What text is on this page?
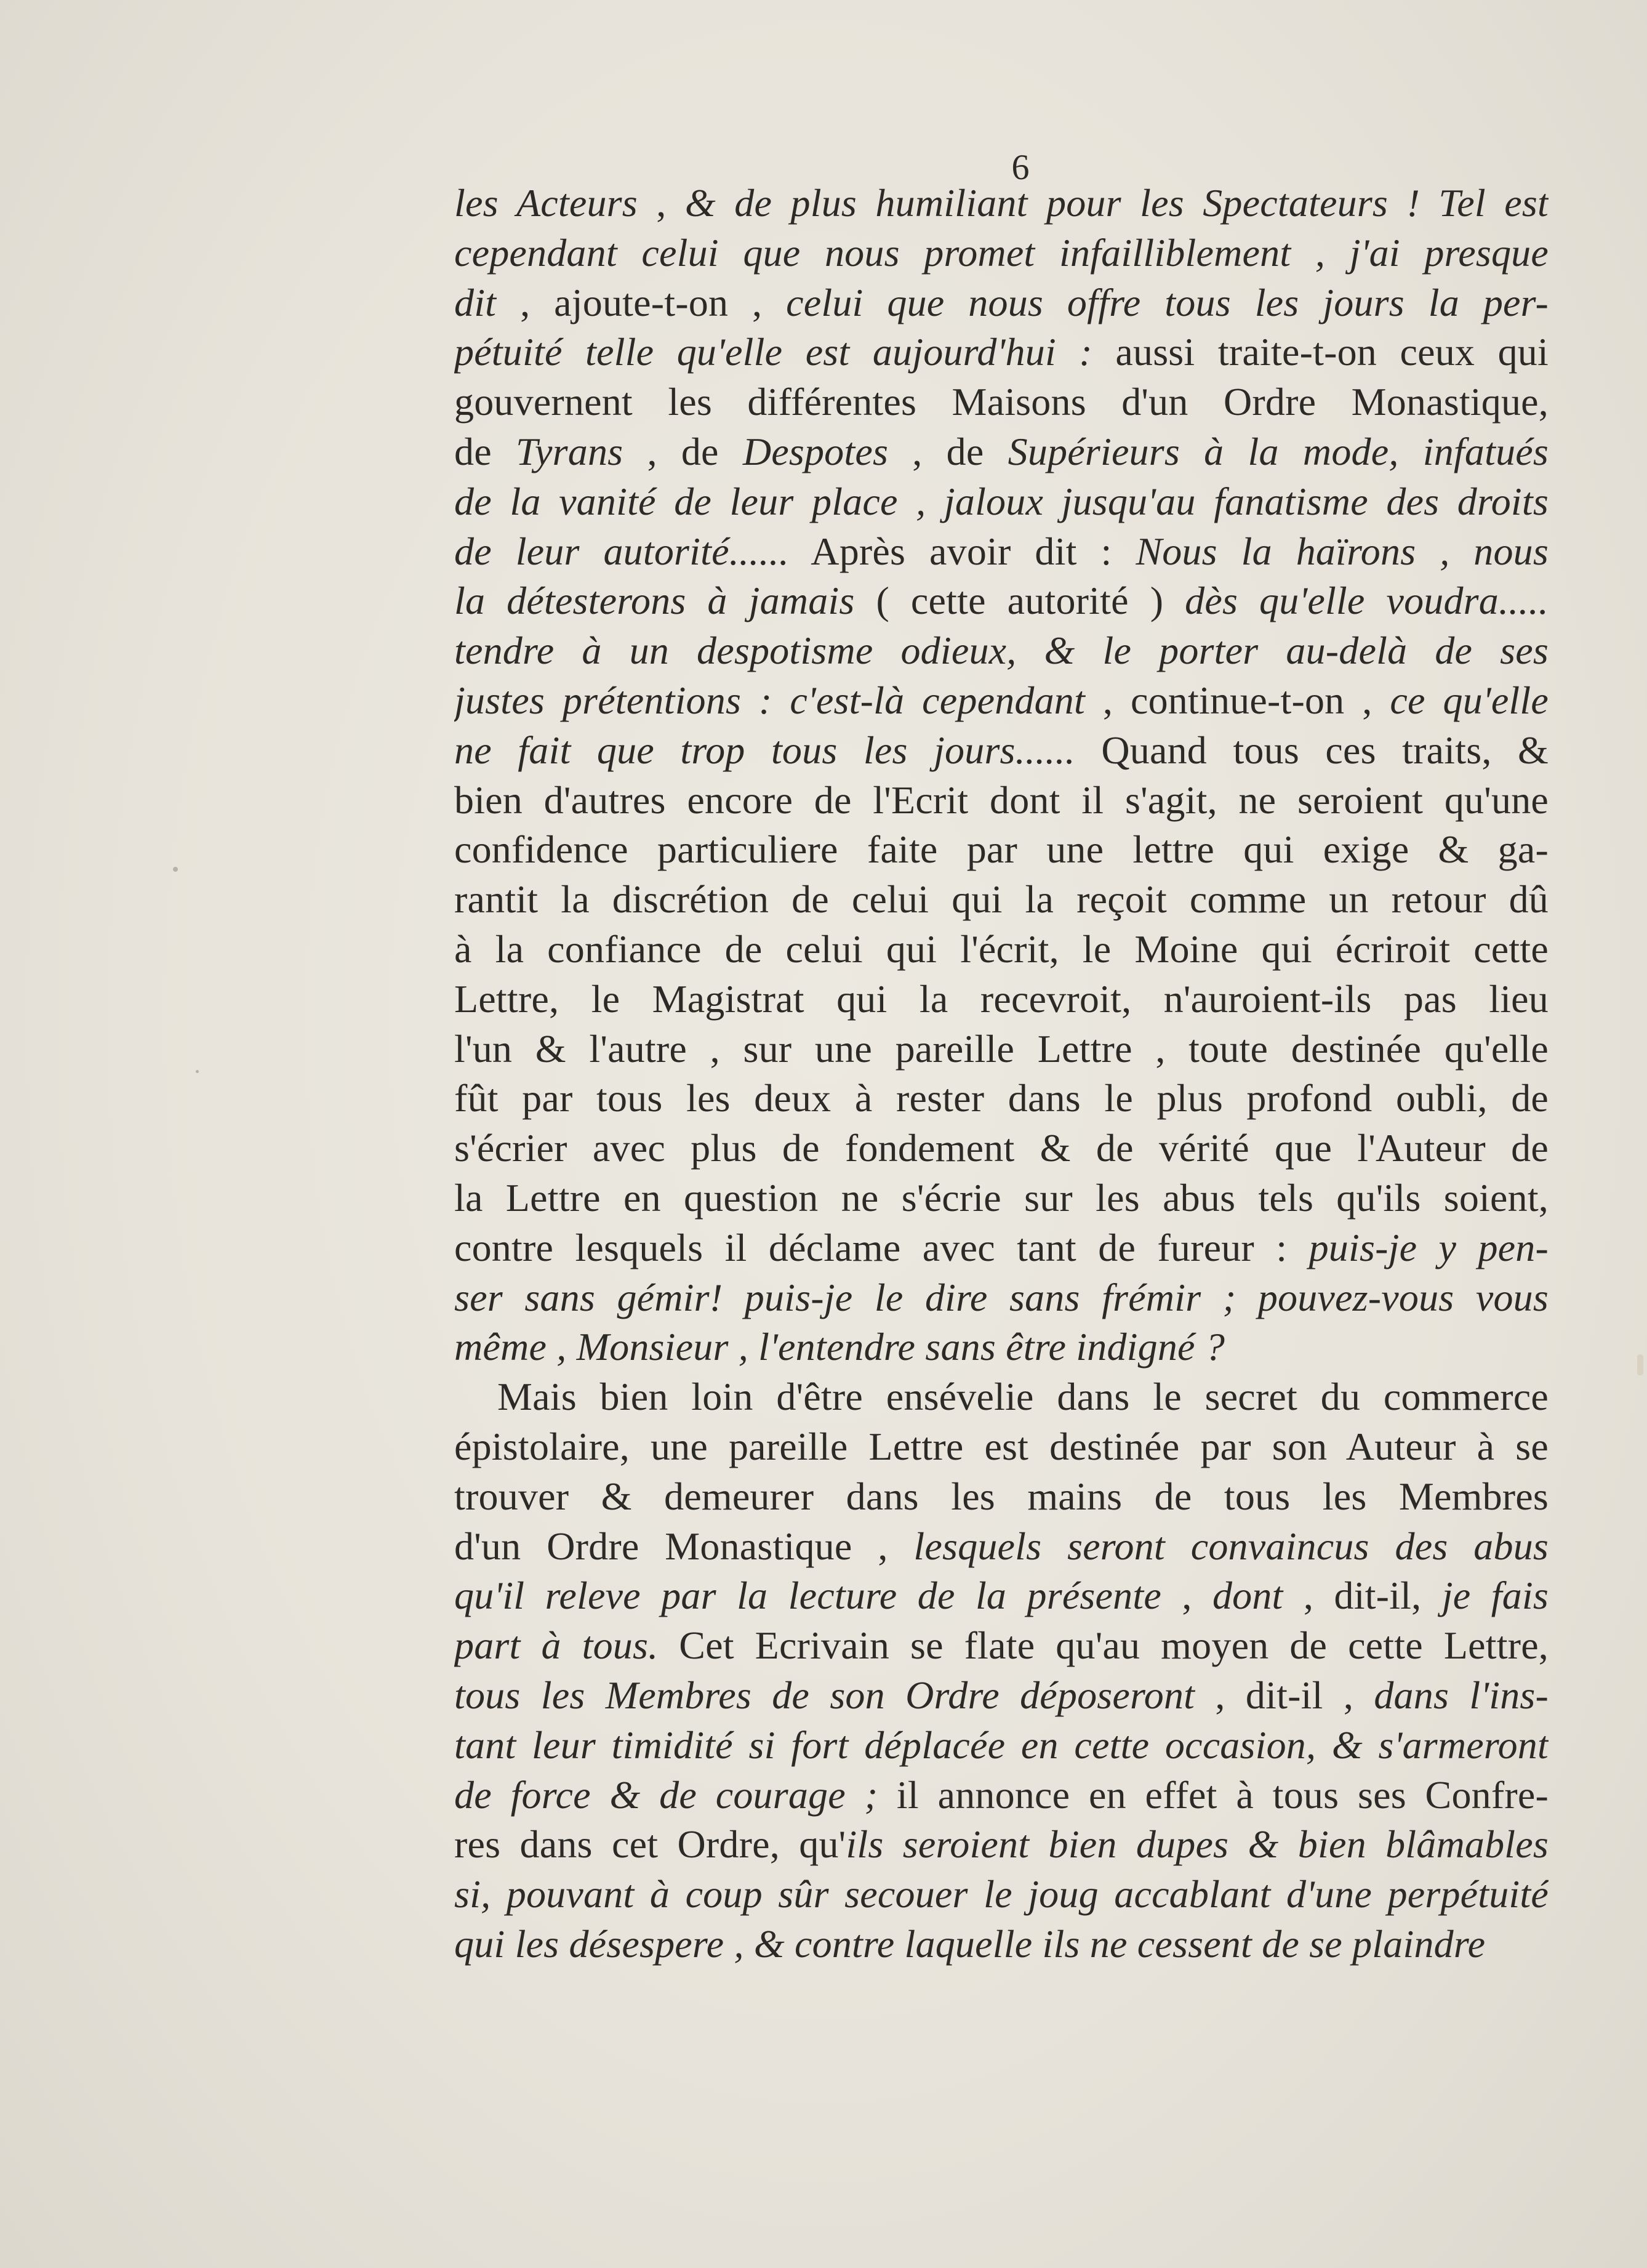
6
les Acteurs , & de plus humiliant pour les Spectateurs ! Tel est
cependant celui que nous promet infailliblement , j'ai presque
dit , ajoute-t-on , celui que nous offre tous les jours la per-
pétuité telle qu'elle est aujourd'hui : aussi traite-t-on ceux qui
gouvernent les différentes Maisons d'un Ordre Monastique,
de Tyrans , de Despotes , de Supérieurs à la mode, infatués
de la vanité de leur place , jaloux jusqu'au fanatisme des droits
de leur autorité...... Après avoir dit : Nous la haïrons , nous
la détesterons à jamais ( cette autorité ) dès qu'elle voudra.....
tendre à un despotisme odieux, & le porter au-delà de ses
justes prétentions : c'est-là cependant , continue-t-on , ce qu'elle
ne fait que trop tous les jours...... Quand tous ces traits, &
bien d'autres encore de l'Ecrit dont il s'agit, ne seroient qu'une
confidence particuliere faite par une lettre qui exige & ga-
rantit la discrétion de celui qui la reçoit comme un retour dû
à la confiance de celui qui l'écrit, le Moine qui écriroit cette
Lettre, le Magistrat qui la recevroit, n'auroient-ils pas lieu
l'un & l'autre , sur une pareille Lettre , toute destinée qu'elle
fût par tous les deux à rester dans le plus profond oubli, de
s'écrier avec plus de fondement & de vérité que l'Auteur de
la Lettre en question ne s'écrie sur les abus tels qu'ils soient,
contre lesquels il déclame avec tant de fureur : puis-je y pen-
ser sans gémir! puis-je le dire sans frémir ; pouvez-vous vous
même , Monsieur , l'entendre sans être indigné ?
Mais bien loin d'être ensévelie dans le secret du commerce
épistolaire, une pareille Lettre est destinée par son Auteur à se
trouver & demeurer dans les mains de tous les Membres
d'un Ordre Monastique , lesquels seront convaincus des abus
qu'il releve par la lecture de la présente , dont , dit-il, je fais
part à tous. Cet Ecrivain se flate qu'au moyen de cette Lettre,
tous les Membres de son Ordre déposeront , dit-il , dans l'ins-
tant leur timidité si fort déplacée en cette occasion, & s'armeront
de force & de courage ; il annonce en effet à tous ses Confre-
res dans cet Ordre, qu'ils seroient bien dupes & bien blâmables
si, pouvant à coup sûr secouer le joug accablant d'une perpétuité
qui les désespere , & contre laquelle ils ne cessent de se plaindre
